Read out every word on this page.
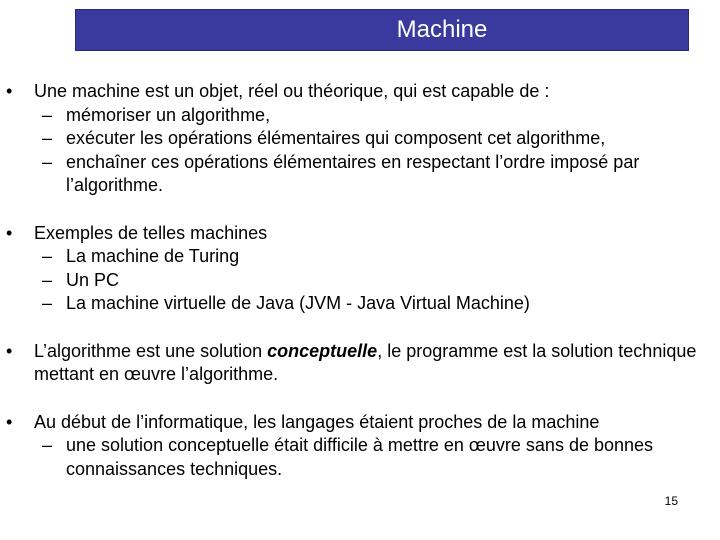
Machine
• Une machine est un objet, réel ou théorique, qui est capable de :
– mémoriser un algorithme,
– exécuter les opérations élémentaires qui composent cet algorithme,
– enchaîner ces opérations élémentaires en respectant l’ordre imposé par l’algorithme.
• Exemples de telles machines
– La machine de Turing
– Un PC
– La machine virtuelle de Java (JVM - Java Virtual Machine)
• L’algorithme est une solution conceptuelle, le programme est la solution technique mettant en œuvre l’algorithme.
• Au début de l’informatique, les langages étaient proches de la machine
– une solution conceptuelle était difficile à mettre en œuvre sans de bonnes connaissances techniques.
15
